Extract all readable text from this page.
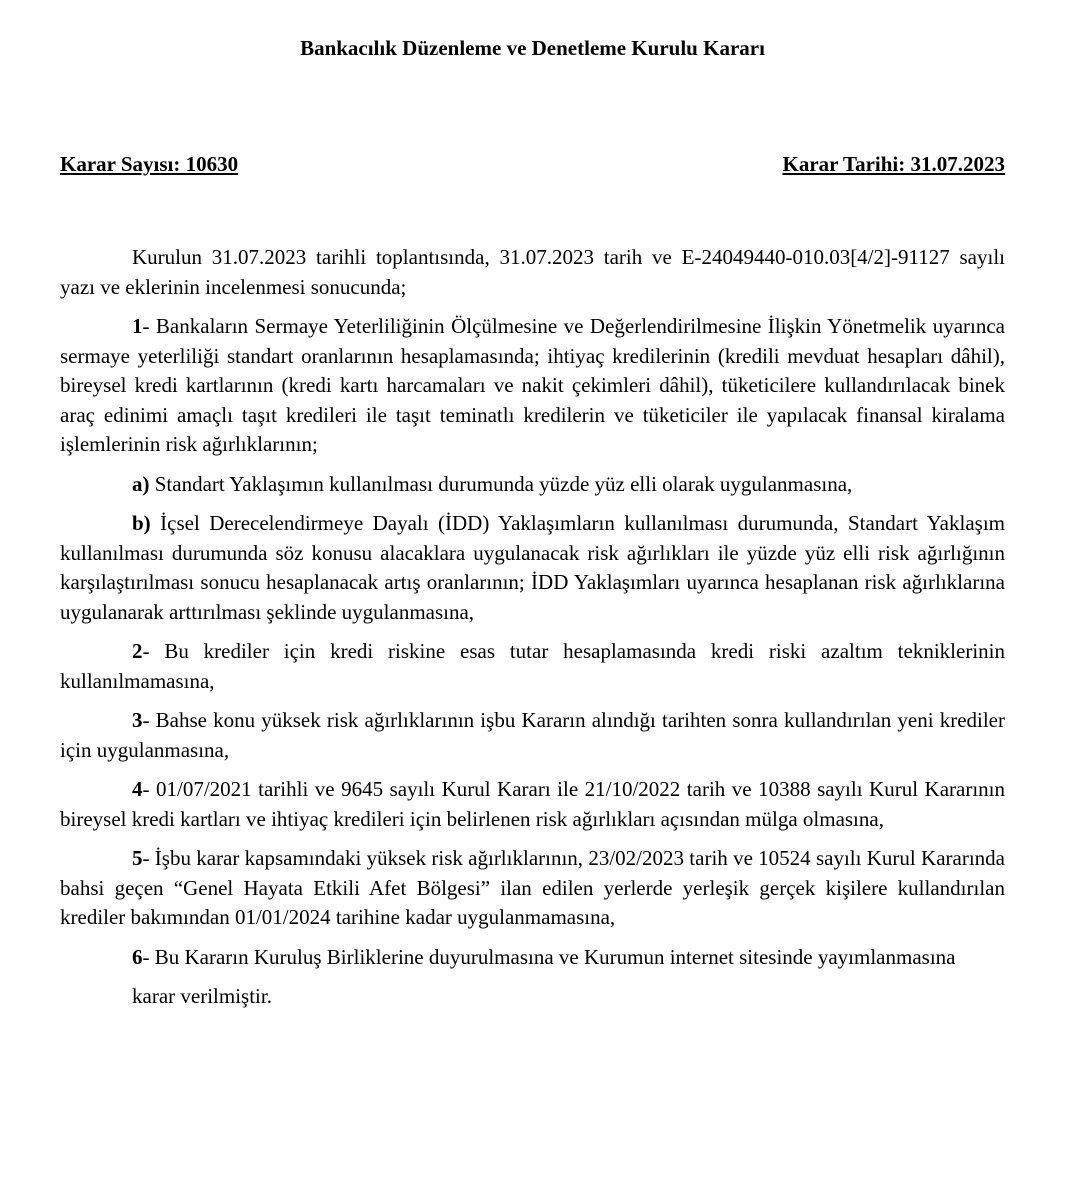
Bankacılık Düzenleme ve Denetleme Kurulu Kararı
Karar Sayısı: 10630	Karar Tarihi: 31.07.2023

Kurulun 31.07.2023 tarihli toplantısında, 31.07.2023 tarih ve E-24049440-010.03[4/2]-91127 sayılı yazı ve eklerinin incelenmesi sonucunda;

1- Bankaların Sermaye Yeterliliğinin Ölçülmesine ve Değerlendirilmesine İlişkin Yönetmelik uyarınca sermaye yeterliliği standart oranlarının hesaplamasında; ihtiyaç kredilerinin (kredili mevduat hesapları dâhil), bireysel kredi kartlarının (kredi kartı harcamaları ve nakit çekimleri dâhil), tüketicilere kullandırılacak binek araç edinimi amaçlı taşıt kredileri ile taşıt teminatlı kredilerin ve tüketiciler ile yapılacak finansal kiralama işlemlerinin risk ağırlıklarının;

a) Standart Yaklaşımın kullanılması durumunda yüzde yüz elli olarak uygulanmasına,

b) İçsel Derecelendirmeye Dayalı (İDD) Yaklaşımların kullanılması durumunda, Standart Yaklaşım kullanılması durumunda söz konusu alacaklara uygulanacak risk ağırlıkları ile yüzde yüz elli risk ağırlığının karşılaştırılması sonucu hesaplanacak artış oranlarının; İDD Yaklaşımları uyarınca hesaplanan risk ağırlıklarına uygulanarak arttırılması şeklinde uygulanmasına,

2- Bu krediler için kredi riskine esas tutar hesaplamasında kredi riski azaltım tekniklerinin kullanılmamasına,

3- Bahse konu yüksek risk ağırlıklarının işbu Kararın alındığı tarihten sonra kullandırılan yeni krediler için uygulanmasına,

4- 01/07/2021 tarihli ve 9645 sayılı Kurul Kararı ile 21/10/2022 tarih ve 10388 sayılı Kurul Kararının bireysel kredi kartları ve ihtiyaç kredileri için belirlenen risk ağırlıkları açısından mülga olmasına,

5- İşbu karar kapsamındaki yüksek risk ağırlıklarının, 23/02/2023 tarih ve 10524 sayılı Kurul Kararında bahsi geçen “Genel Hayata Etkili Afet Bölgesi” ilan edilen yerlerde yerleşik gerçek kişilere kullandırılan krediler bakımından 01/01/2024 tarihine kadar uygulanmamasına,

6- Bu Kararın Kuruluş Birliklerine duyurulmasına ve Kurumun internet sitesinde yayımlanmasına

karar verilmiştir.
